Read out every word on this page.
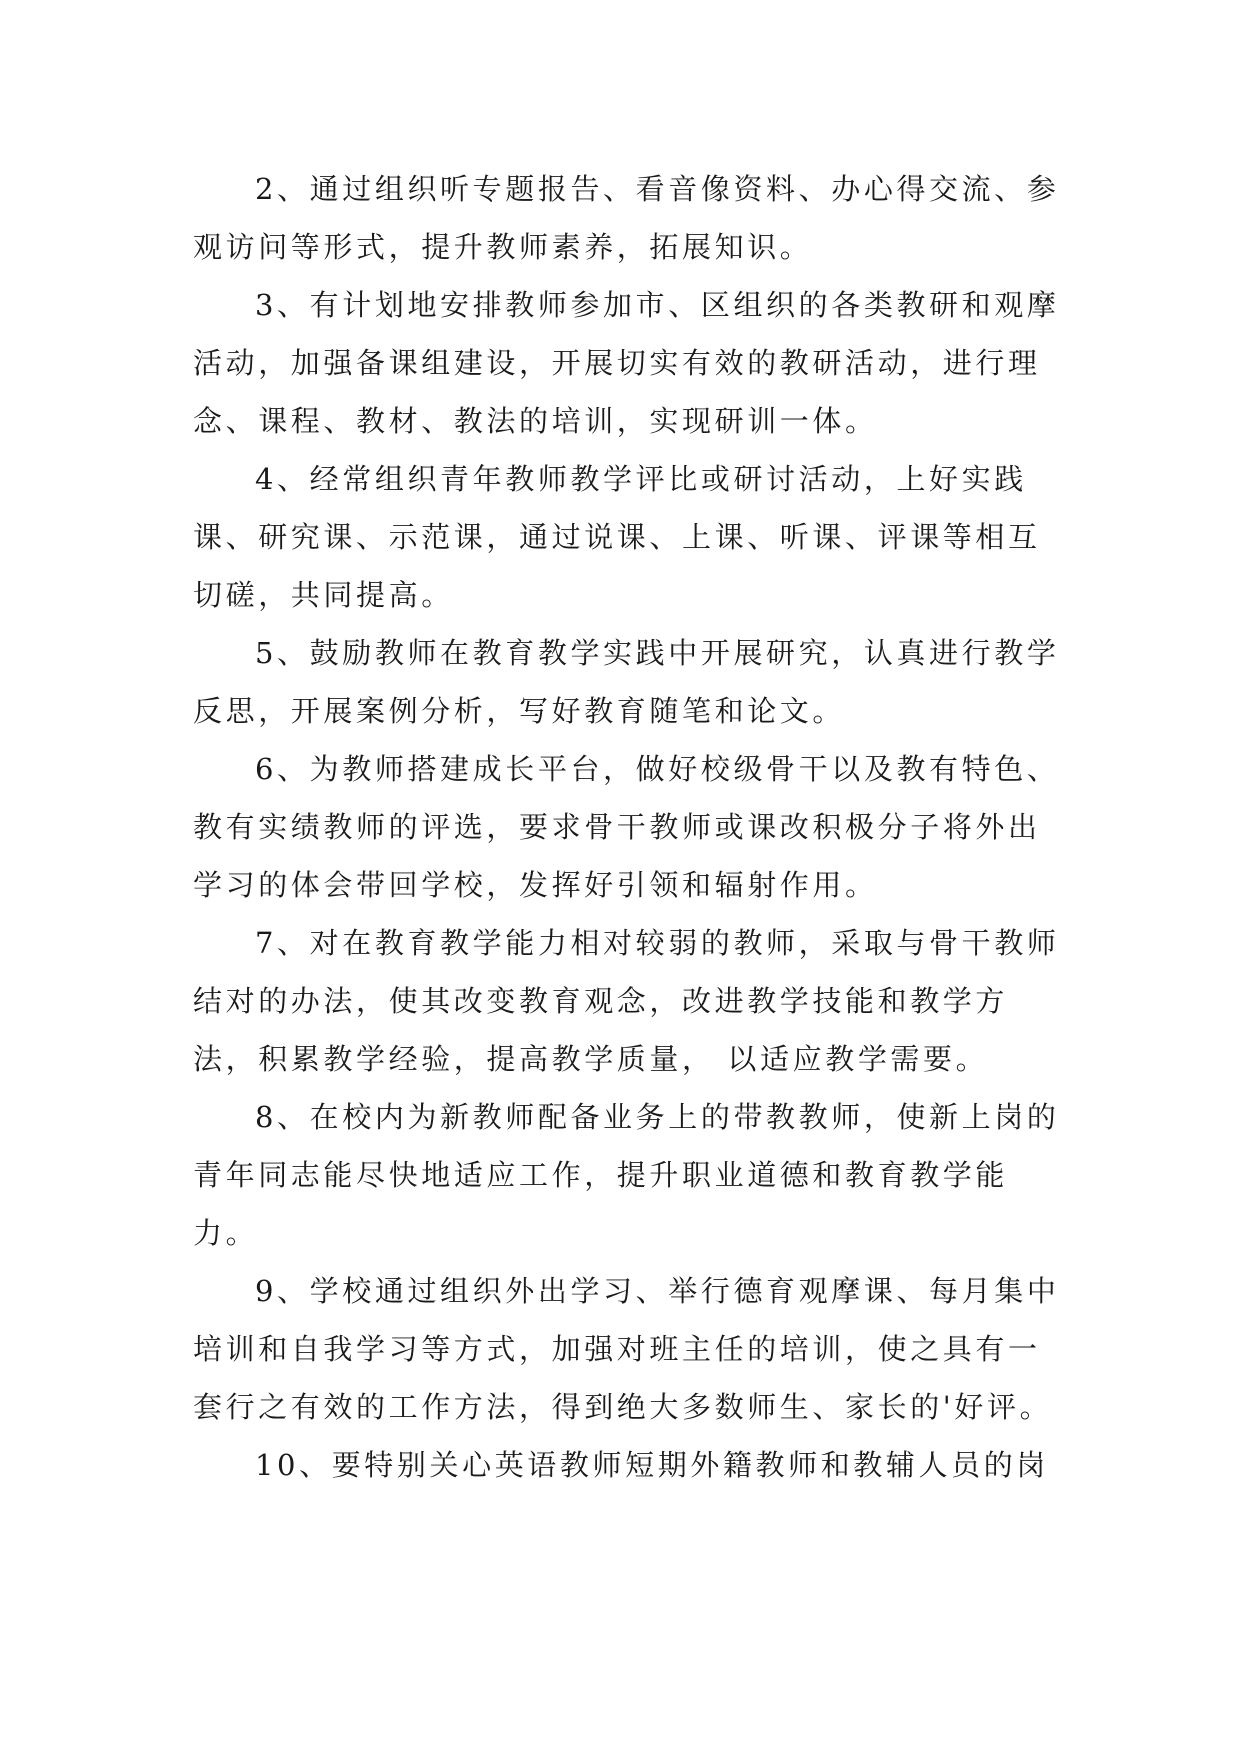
2、通过组织听专题报告、看音像资料、办心得交流、参观访问等形式，提升教师素养，拓展知识。

3、有计划地安排教师参加市、区组织的各类教研和观摩活动，加强备课组建设，开展切实有效的教研活动，进行理念、课程、教材、教法的培训，实现研训一体。

4、经常组织青年教师教学评比或研讨活动，上好实践课、研究课、示范课，通过说课、上课、听课、评课等相互切磋，共同提高。

5、鼓励教师在教育教学实践中开展研究，认真进行教学反思，开展案例分析，写好教育随笔和论文。

6、为教师搭建成长平台，做好校级骨干以及教有特色、教有实绩教师的评选，要求骨干教师或课改积极分子将外出学习的体会带回学校，发挥好引领和辐射作用。

7、对在教育教学能力相对较弱的教师，采取与骨干教师结对的办法，使其改变教育观念，改进教学技能和教学方法，积累教学经验，提高教学质量， 以适应教学需要。

8、在校内为新教师配备业务上的带教教师，使新上岗的青年同志能尽快地适应工作，提升职业道德和教育教学能力。

9、学校通过组织外出学习、举行德育观摩课、每月集中培训和自我学习等方式，加强对班主任的培训，使之具有一套行之有效的工作方法，得到绝大多数师生、家长的'好评。

10、要特别关心英语教师短期外籍教师和教辅人员的岗
